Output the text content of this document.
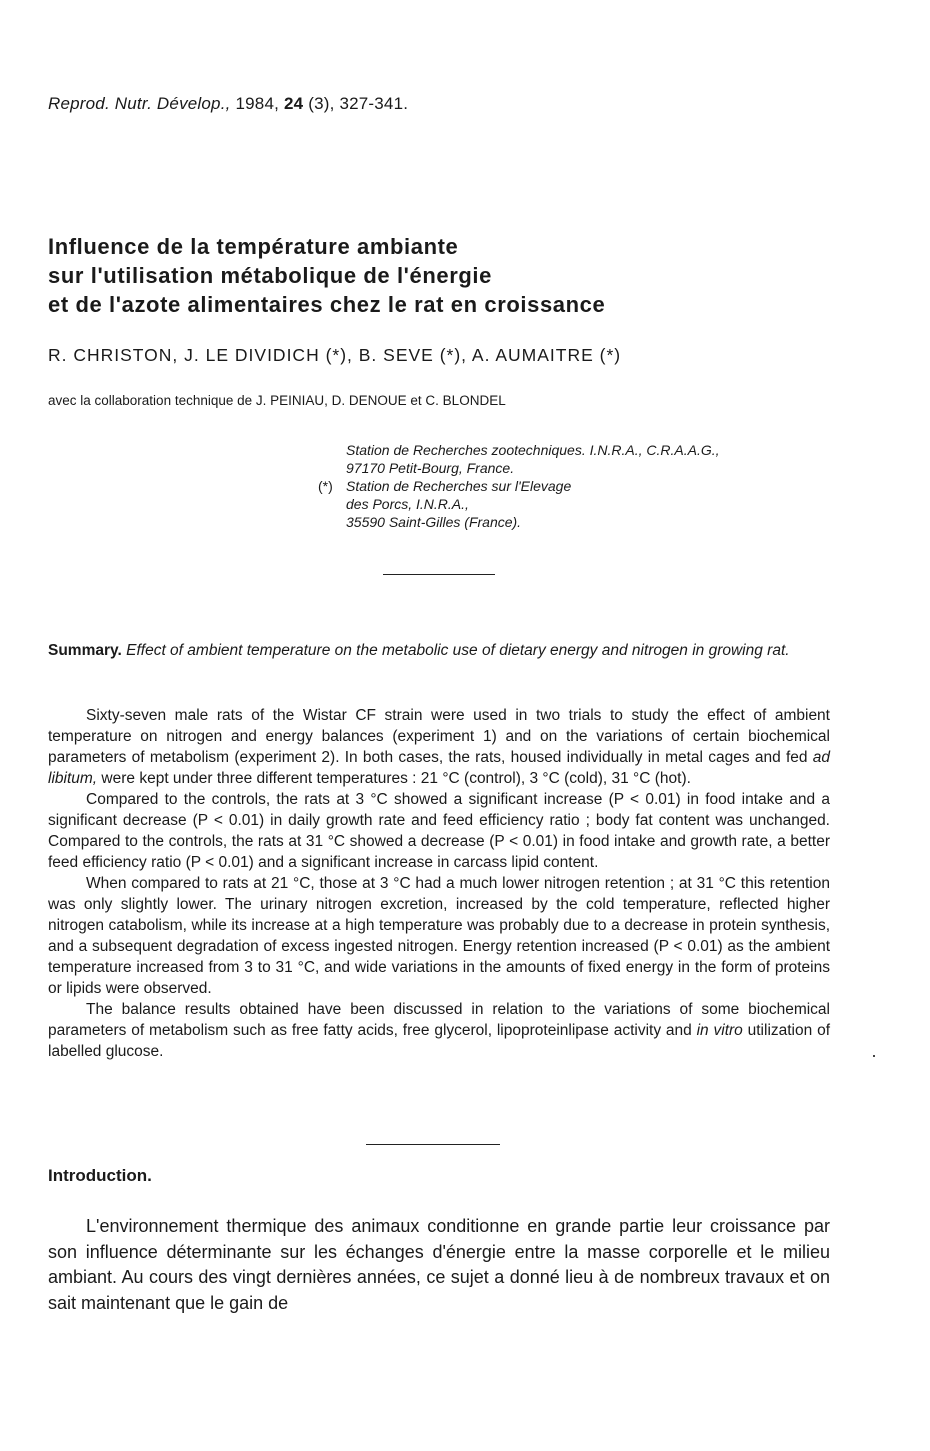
Reprod. Nutr. Dévelop., 1984, 24 (3), 327-341.
Influence de la température ambiante
sur l'utilisation métabolique de l'énergie
et de l'azote alimentaires chez le rat en croissance
R. CHRISTON, J. LE DIVIDICH (*), B. SEVE (*), A. AUMAITRE (*)
avec la collaboration technique de J. PEINIAU, D. DENOUE et C. BLONDEL
Station de Recherches zootechniques. I.N.R.A., C.R.A.A.G.,
97170 Petit-Bourg, France.
(*) Station de Recherches sur l'Elevage
des Porcs, I.N.R.A.,
35590 Saint-Gilles (France).
Summary. Effect of ambient temperature on the metabolic use of dietary energy and nitrogen in growing rat.

Sixty-seven male rats of the Wistar CF strain were used in two trials to study the effect of ambient temperature on nitrogen and energy balances (experiment 1) and on the variations of certain biochemical parameters of metabolism (experiment 2). In both cases, the rats, housed individually in metal cages and fed ad libitum, were kept under three different temperatures : 21 °C (control), 3 °C (cold), 31 °C (hot).

Compared to the controls, the rats at 3 °C showed a significant increase (P < 0.01) in food intake and a significant decrease (P < 0.01) in daily growth rate and feed efficiency ratio ; body fat content was unchanged. Compared to the controls, the rats at 31 °C showed a decrease (P < 0.01) in food intake and growth rate, a better feed efficiency ratio (P < 0.01) and a significant increase in carcass lipid content.

When compared to rats at 21 °C, those at 3 °C had a much lower nitrogen retention ; at 31 °C this retention was only slightly lower. The urinary nitrogen excretion, increased by the cold temperature, reflected higher nitrogen catabolism, while its increase at a high temperature was probably due to a decrease in protein synthesis, and a subsequent degradation of excess ingested nitrogen. Energy retention increased (P < 0.01) as the ambient temperature increased from 3 to 31 °C, and wide variations in the amounts of fixed energy in the form of proteins or lipids were observed.

The balance results obtained have been discussed in relation to the variations of some biochemical parameters of metabolism such as free fatty acids, free glycerol, lipoproteinlipase activity and in vitro utilization of labelled glucose.

Introduction.

L'environnement thermique des animaux conditionne en grande partie leur croissance par son influence déterminante sur les échanges d'énergie entre la masse corporelle et le milieu ambiant. Au cours des vingt dernières années, ce sujet a donné lieu à de nombreux travaux et on sait maintenant que le gain de
